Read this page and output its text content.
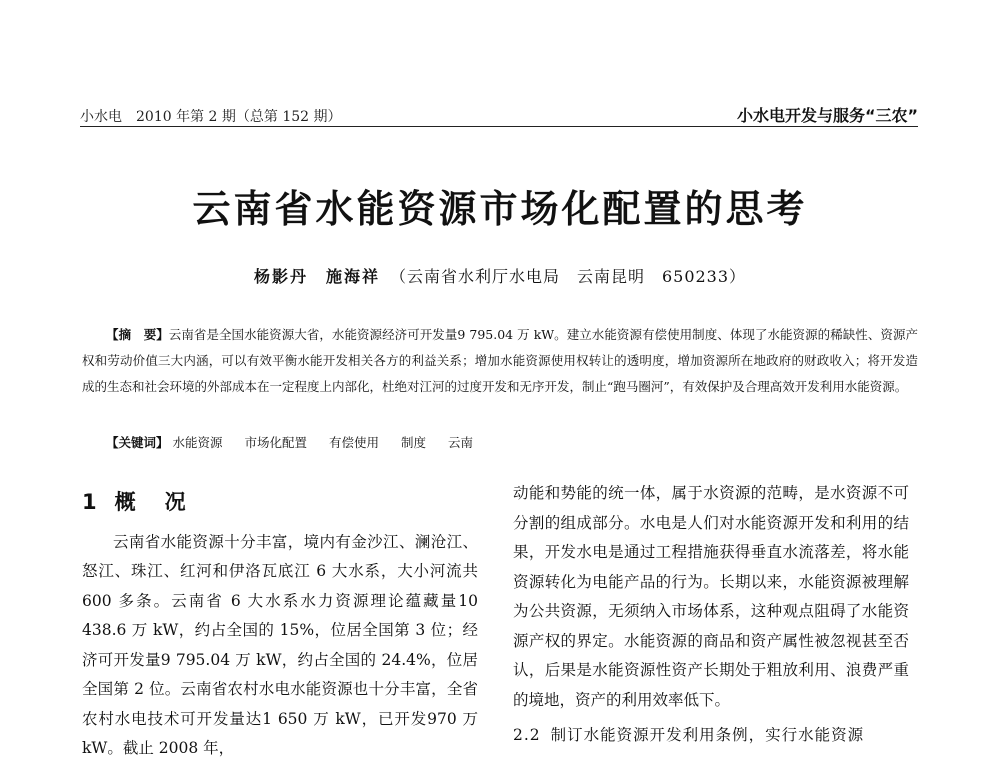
小水电　2010 年第 2 期（总第 152 期）	小水电开发与服务“三农”
云南省水能资源市场化配置的思考
杨影丹　施海祥 （云南省水利厅水电局　云南昆明　650233）
【摘　要】云南省是全国水能资源大省，水能资源经济可开发量9 795.04 万 kW。建立水能资源有偿使用制度、体现了水能资源的稀缺性、资源产权和劳动价值三大内涵，可以有效平衡水能开发相关各方的利益关系；增加水能资源使用权转让的透明度，增加资源所在地政府的财政收入；将开发造成的生态和社会环境的外部成本在一定程度上内部化，杜绝对江河的过度开发和无序开发，制止“跑马圈河”，有效保护及合理高效开发利用水能资源。
【关键词】 水能资源 市场化配置 有偿使用 制度 云南
1 概　况

云南省水能资源十分丰富，境内有金沙江、澜沧江、怒江、珠江、红河和伊洛瓦底江 6 大水系，大小河流共 600 多条。云南省 6 大水系水力资源理论蕴藏量10 438.6 万 kW，约占全国的 15%，位居全国第 3 位；经济可开发量9 795.04 万 kW，约占全国的 24.4%，位居全国第 2 位。云南省农村水电水能资源也十分丰富，全省农村水电技术可开发量达1 650 万 kW，已开发970 万 kW。截止 2008 年，

动能和势能的统一体，属于水资源的范畴，是水资源不可分割的组成部分。水电是人们对水能资源开发和利用的结果，开发水电是通过工程措施获得垂直水流落差，将水能资源转化为电能产品的行为。长期以来，水能资源被理解为公共资源，无须纳入市场体系，这种观点阻碍了水能资源产权的界定。水能资源的商品和资产属性被忽视甚至否认，后果是水能资源性资产长期处于粗放利用、浪费严重的境地，资产的利用效率低下。

2.2 制订水能资源开发利用条例，实行水能资源
